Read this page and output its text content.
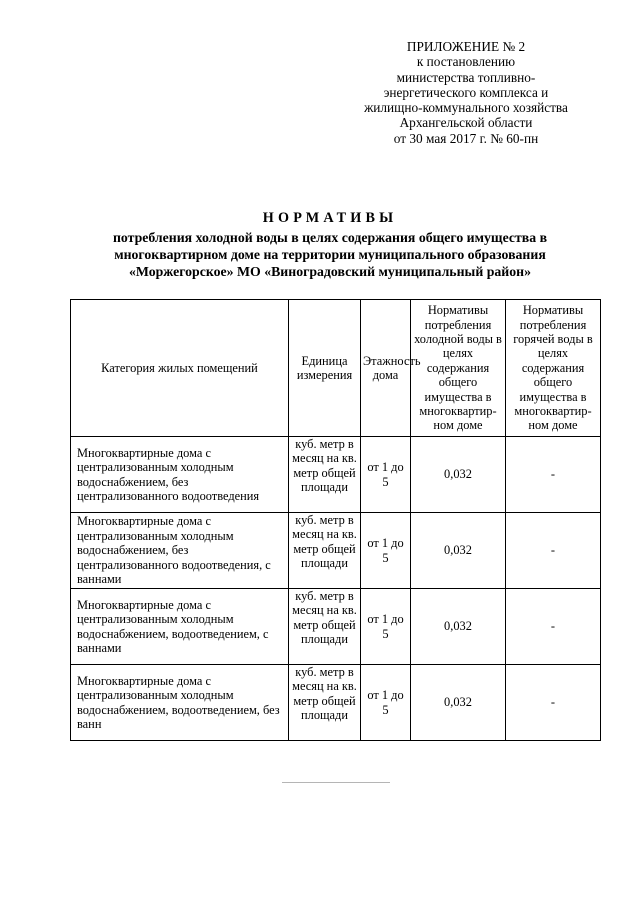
ПРИЛОЖЕНИЕ № 2
к постановлению
министерства топливно-
энергетического комплекса и
жилищно-коммунального хозяйства
Архангельской области
от 30 мая 2017 г. № 60-пн
НОРМАТИВЫ
потребления холодной воды в целях содержания общего имущества в
многоквартирном доме на территории муниципального образования
«Моржегорское» МО «Виноградовский муниципальный район»
Категория жилых помещений	Единица измерения	Этажность дома	Нормативы потребления холодной воды в целях содержания общего имущества в многоквартир-ном доме	Нормативы потребления горячей воды в целях содержания общего имущества в многоквартир-ном доме
Многоквартирные дома с централизованным холодным водоснабжением, без централизованного водоотведения	куб. метр в месяц на кв. метр общей площади	от 1 до 5	0,032	-
Многоквартирные дома с централизованным холодным водоснабжением, без централизованного водоотведения, с ваннами	куб. метр в месяц на кв. метр общей площади	от 1 до 5	0,032	-
Многоквартирные дома с централизованным холодным водоснабжением, водоотведением, с ваннами	куб. метр в месяц на кв. метр общей площади	от 1 до 5	0,032	-
Многоквартирные дома с централизованным холодным водоснабжением, водоотведением, без ванн	куб. метр в месяц на кв. метр общей площади	от 1 до 5	0,032	-
